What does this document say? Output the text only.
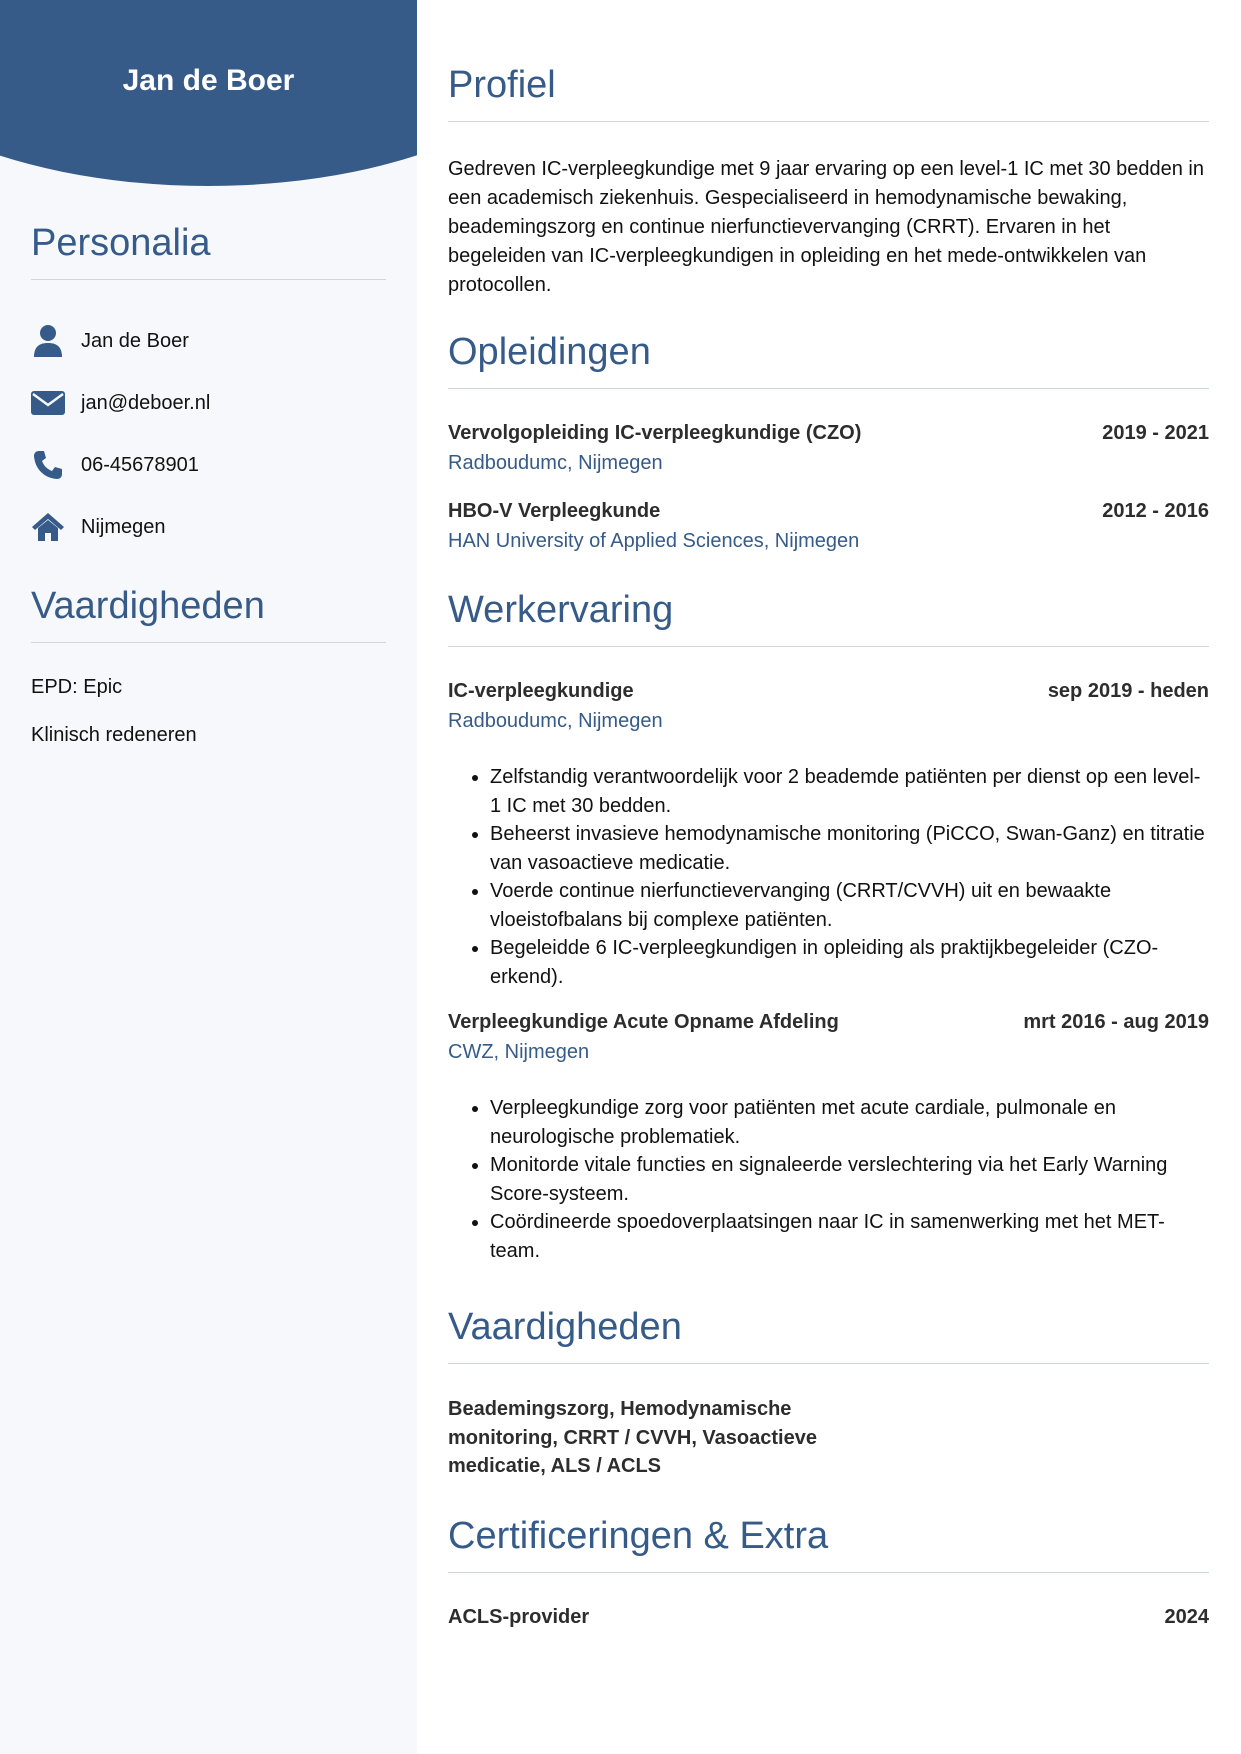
Jan de Boer
Personalia
Jan de Boer
jan@deboer.nl
06-45678901
Nijmegen
Vaardigheden
EPD: Epic
Klinisch redeneren
Profiel
Gedreven IC-verpleegkundige met 9 jaar ervaring op een level-1 IC met 30 bedden in een academisch ziekenhuis. Gespecialiseerd in hemodynamische bewaking, beademingszorg en continue nierfunctievervanging (CRRT). Ervaren in het begeleiden van IC-verpleegkundigen in opleiding en het mede-ontwikkelen van protocollen.
Opleidingen
Vervolgopleiding IC-verpleegkundige (CZO)	2019 - 2021
Radboudumc, Nijmegen
HBO-V Verpleegkunde	2012 - 2016
HAN University of Applied Sciences, Nijmegen
Werkervaring
IC-verpleegkundige	sep 2019 - heden
Radboudumc, Nijmegen
• Zelfstandig verantwoordelijk voor 2 beademde patiënten per dienst op een level-1 IC met 30 bedden.
• Beheerst invasieve hemodynamische monitoring (PiCCO, Swan-Ganz) en titratie van vasoactieve medicatie.
• Voerde continue nierfunctievervanging (CRRT/CVVH) uit en bewaakte vloeistofbalans bij complexe patiënten.
• Begeleidde 6 IC-verpleegkundigen in opleiding als praktijkbegeleider (CZO-erkend).
Verpleegkundige Acute Opname Afdeling	mrt 2016 - aug 2019
CWZ, Nijmegen
• Verpleegkundige zorg voor patiënten met acute cardiale, pulmonale en neurologische problematiek.
• Monitorde vitale functies en signaleerde verslechtering via het Early Warning Score-systeem.
• Coördineerde spoedoverplaatsingen naar IC in samenwerking met het MET-team.
Vaardigheden
Beademingszorg, Hemodynamische monitoring, CRRT / CVVH, Vasoactieve medicatie, ALS / ACLS
Certificeringen & Extra
ACLS-provider	2024
